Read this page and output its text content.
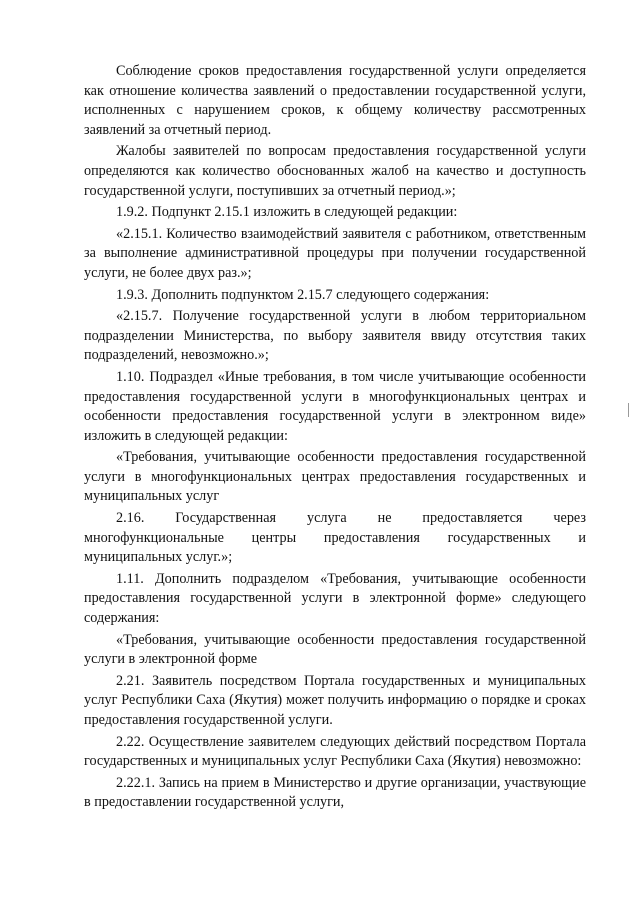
Соблюдение сроков предоставления государственной услуги определяется как отношение количества заявлений о предоставлении государственной услуги, исполненных с нарушением сроков, к общему количеству рассмотренных заявлений за отчетный период.

Жалобы заявителей по вопросам предоставления государственной услуги определяются как количество обоснованных жалоб на качество и доступность государственной услуги, поступивших за отчетный период.»;

1.9.2. Подпункт 2.15.1 изложить в следующей редакции:

«2.15.1. Количество взаимодействий заявителя с работником, ответственным за выполнение административной процедуры при получении государственной услуги, не более двух раз.»;

1.9.3. Дополнить подпунктом 2.15.7 следующего содержания:

«2.15.7. Получение государственной услуги в любом территориальном подразделении Министерства, по выбору заявителя ввиду отсутствия таких подразделений, невозможно.»;

1.10. Подраздел «Иные требования, в том числе учитывающие особенности предоставления государственной услуги в многофункциональных центрах и особенности предоставления государственной услуги в электронном виде» изложить в следующей редакции:

«Требования, учитывающие особенности предоставления государственной услуги в многофункциональных центрах предоставления государственных и муниципальных услуг

2.16. Государственная услуга не предоставляется через многофункциональные центры предоставления государственных и муниципальных услуг.»;

1.11. Дополнить подразделом «Требования, учитывающие особенности предоставления государственной услуги в электронной форме» следующего содержания:

«Требования, учитывающие особенности предоставления государственной услуги в электронной форме

2.21. Заявитель посредством Портала государственных и муниципальных услуг Республики Саха (Якутия) может получить информацию о порядке и сроках предоставления государственной услуги.

2.22. Осуществление заявителем следующих действий посредством Портала государственных и муниципальных услуг Республики Саха (Якутия) невозможно:

2.22.1. Запись на прием в Министерство и другие организации, участвующие в предоставлении государственной услуги,
